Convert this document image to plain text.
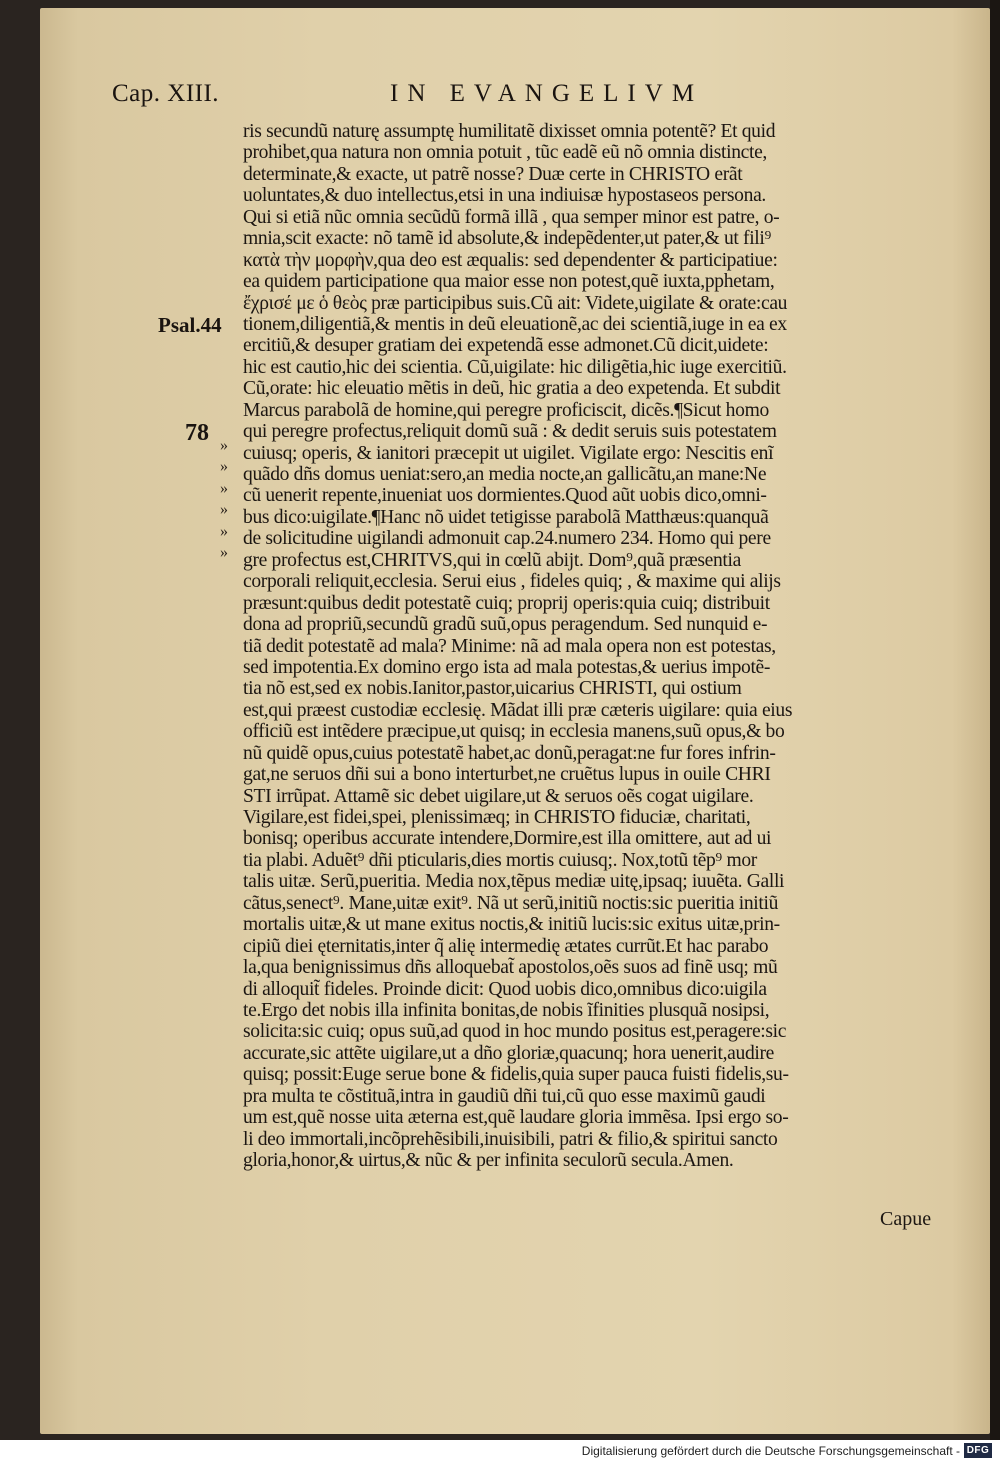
Cap. XIII.	IN EVANGELIVM
Psal.44
78 »
»
»
»
»
»
ris secundũ naturę assumptę humilitatẽ dixisset omnia potentẽ? Et quid
prohibet,qua natura non omnia potuit , tũc eadẽ eũ nõ omnia distincte,
determinate,& exacte, ut patrẽ nosse? Duæ certe in CHRISTO erãt
uoluntates,& duo intellectus,etsi in una indiuisæ hypostaseos persona.
Qui si etiã nũc omnia secũdũ formã illã , qua semper minor est patre, o-
mnia,scit exacte: nõ tamẽ id absolute,& indepẽdenter,ut pater,& ut fili⁹
κατὰ τὴν μορφὴν,qua deo est æqualis: sed dependenter & participatiue:
ea quidem participatione qua maior esse non potest,quẽ iuxta,pphetam,
ἔχρισέ με ὁ θεὸς præ participibus suis.Cũ ait: Videte,uigilate & orate:cau
tionem,diligentiã,& mentis in deũ eleuationẽ,ac dei scientiã,iuge in ea ex
ercitiũ,& desuper gratiam dei expetendã esse admonet.Cũ dicit,uidete:
hic est cautio,hic dei scientia. Cũ,uigilate: hic diligẽtia,hic iuge exercitiũ.
Cũ,orate: hic eleuatio mẽtis in deũ, hic gratia a deo expetenda. Et subdit
Marcus parabolã de homine,qui peregre proficiscit, dicẽs.¶Sicut homo
qui peregre profectus,reliquit domũ suã : & dedit seruis suis potestatem
cuiusq; operis, & ianitori præcepit ut uigilet. Vigilate ergo: Nescitis enĩ
quãdo dñs domus ueniat:sero,an media nocte,an gallicãtu,an mane:Ne
cũ uenerit repente,inueniat uos dormientes.Quod aũt uobis dico,omni-
bus dico:uigilate.¶Hanc nõ uidet tetigisse parabolã Matthæus:quanquã
de solicitudine uigilandi admonuit cap.24.numero 234. Homo qui pere
gre profectus est,CHRITVS,qui in cœlũ abijt. Dom⁹,quã præsentia
corporali reliquit,ecclesia. Serui eius , fideles quiq; , & maxime qui alijs
præsunt:quibus dedit potestatẽ cuiq; proprij operis:quia cuiq; distribuit
dona ad propriũ,secundũ gradũ suũ,opus peragendum. Sed nunquid e-
tiã dedit potestatẽ ad mala? Minime: nã ad mala opera non est potestas,
sed impotentia.Ex domino ergo ista ad mala potestas,& uerius impotẽ-
tia nõ est,sed ex nobis.Ianitor,pastor,uicarius CHRISTI, qui ostium
est,qui præest custodiæ ecclesię. Mãdat illi præ cæteris uigilare: quia eius
officiũ est intẽdere præcipue,ut quisq; in ecclesia manens,suũ opus,& bo
nũ quidẽ opus,cuius potestatẽ habet,ac donũ,peragat:ne fur fores infrin-
gat,ne seruos dñi sui a bono interturbet,ne cruẽtus lupus in ouile CHRI
STI irrũpat. Attamẽ sic debet uigilare,ut & seruos oẽs cogat uigilare.
Vigilare,est fidei,spei, plenissimæq; in CHRISTO fiduciæ, charitati,
bonisq; operibus accurate intendere,Dormire,est illa omittere, aut ad ui
tia plabi. Aduẽt⁹ dñi pticularis,dies mortis cuiusq;. Nox,totũ tẽp⁹ mor
talis uitæ. Serũ,pueritia. Media nox,tẽpus mediæ uitę,ipsaq; iuuẽta. Galli
cãtus,senect⁹. Mane,uitæ exit⁹. Nã ut serũ,initiũ noctis:sic pueritia initiũ
mortalis uitæ,& ut mane exitus noctis,& initiũ lucis:sic exitus uitæ,prin-
cipiũ diei ęternitatis,inter q̃ alię intermedię ætates currũt.Et hac parabo
la,qua benignissimus dñs alloquebat̃ apostolos,oẽs suos ad finẽ usq; mũ
di alloquit̃ fideles. Proinde dicit: Quod uobis dico,omnibus dico:uigila
te.Ergo det nobis illa infinita bonitas,de nobis ĩfinities plusquã nosipsi,
solicita:sic cuiq; opus suũ,ad quod in hoc mundo positus est,peragere:sic
accurate,sic attẽte uigilare,ut a dño gloriæ,quacunq; hora uenerit,audire
quisq; possit:Euge serue bone & fidelis,quia super pauca fuisti fidelis,su-
pra multa te cõstituã,intra in gaudiũ dñi tui,cũ quo esse maximũ gaudi
um est,quẽ nosse uita æterna est,quẽ laudare gloria immẽsa. Ipsi ergo so-
li deo immortali,incõprehẽsibili,inuisibili, patri & filio,& spiritui sancto
gloria,honor,& uirtus,& nũc & per infinita seculorũ secula.Amen.
Capue
Digitalisierung gefördert durch die Deutsche Forschungsgemeinschaft - DFG
